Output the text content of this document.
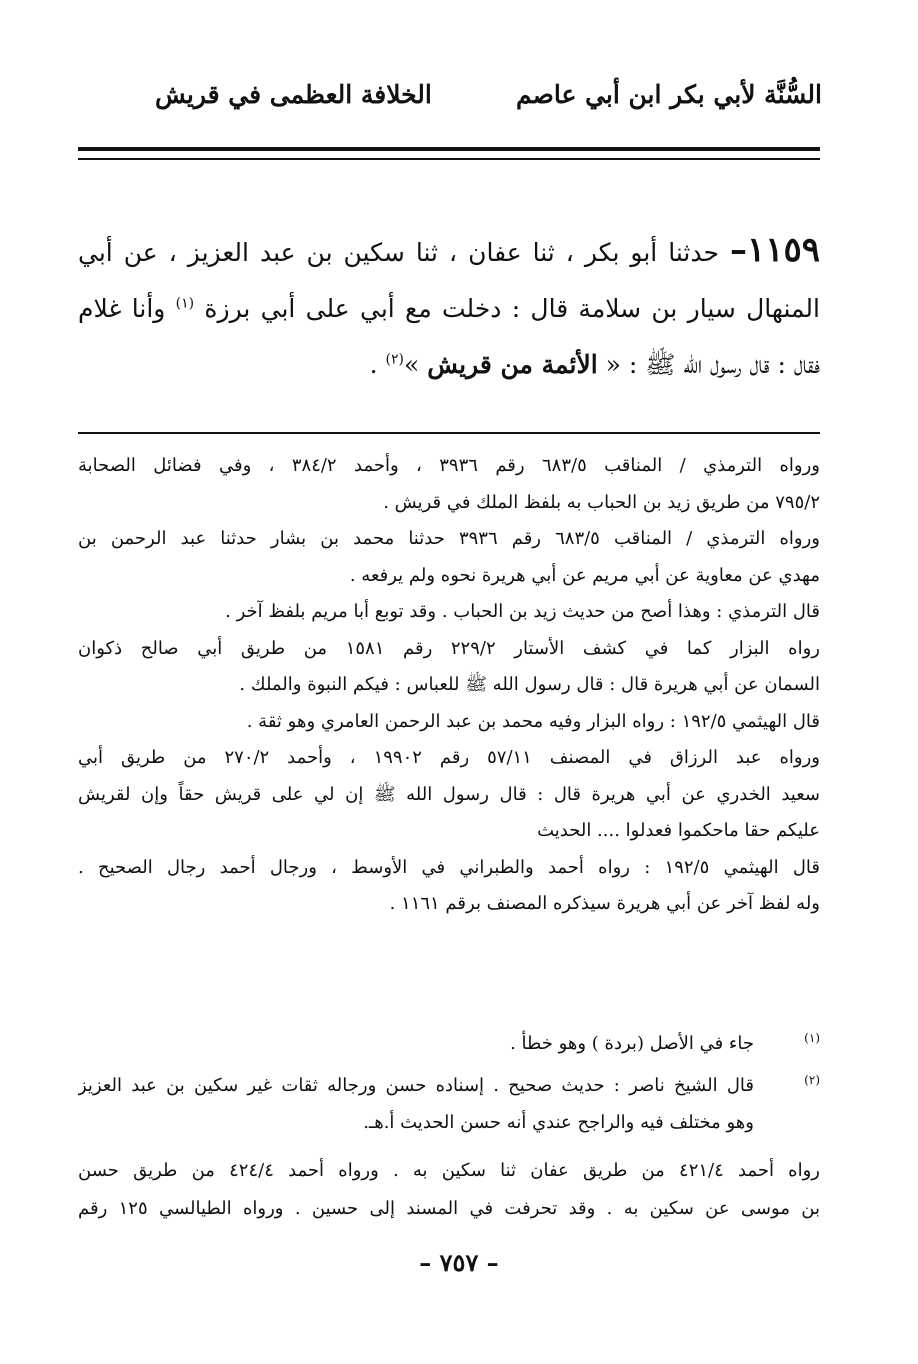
السُّنَّة لأبي بكر ابن أبي عاصم
الخلافة العظمى في قريش
١١٥٩– حدثنا أبو بكر ، ثنا عفان ، ثنا سكين بن عبد العزيز ، عن أبي
المنهال سيار بن سلامة قال : دخلت مع أبي على أبي برزة $^{(١)}$ وأنا غلام
فقال : قال رسول الله ﷺ : « الأئمة من قريش »$^{(٢)}$ .
ورواه الترمذي / المناقب ٦٨٣/٥ رقم ٣٩٣٦ ، وأحمد ٣٨٤/٢ ، وفي فضائل الصحابة
٧٩٥/٢ من طريق زيد بن الحباب به بلفظ الملك في قريش .
ورواه الترمذي / المناقب ٦٨٣/٥ رقم ٣٩٣٦ حدثنا محمد بن بشار حدثنا عبد الرحمن بن
مهدي عن معاوية عن أبي مريم عن أبي هريرة نحوه ولم يرفعه .
قال الترمذي : وهذا أصح من حديث زيد بن الحباب . وقد توبع أبا مريم بلفظ آخر .
رواه البزار كما في كشف الأستار ٢٢٩/٢ رقم ١٥٨١ من طريق أبي صالح ذكوان
السمان عن أبي هريرة قال : قال رسول الله ﷺ للعباس : فيكم النبوة والملك .
قال الهيثمي ١٩٢/٥ : رواه البزار وفيه محمد بن عبد الرحمن العامري وهو ثقة .
ورواه عبد الرزاق في المصنف ٥٧/١١ رقم ١٩٩٠٢ ، وأحمد ٢٧٠/٢ من طريق أبي
سعيد الخدري عن أبي هريرة قال : قال رسول الله ﷺ إن لي على قريش حقاً وإن لقريش
عليكم حقا ماحكموا فعدلوا .... الحديث
قال الهيثمي ١٩٢/٥ : رواه أحمد والطبراني في الأوسط ، ورجال أحمد رجال الصحيح .
وله لفظ آخر عن أبي هريرة سيذكره المصنف برقم ١١٦١ .
(١)
جاء في الأصل (بردة ) وهو خطأ .
(٢)
قال الشيخ ناصر : حديث صحيح . إسناده حسن ورجاله ثقات غير سكين بن عبد العزيز
وهو مختلف فيه والراجح عندي أنه حسن الحديث أ.هـ.
رواه أحمد ٤٢١/٤ من طريق عفان ثنا سكين به . ورواه أحمد ٤٢٤/٤ من طريق حسن
بن موسى عن سكين به . وقد تحرفت في المسند إلى حسين . ورواه الطيالسي ١٢٥ رقم
– ٧٥٧ –
